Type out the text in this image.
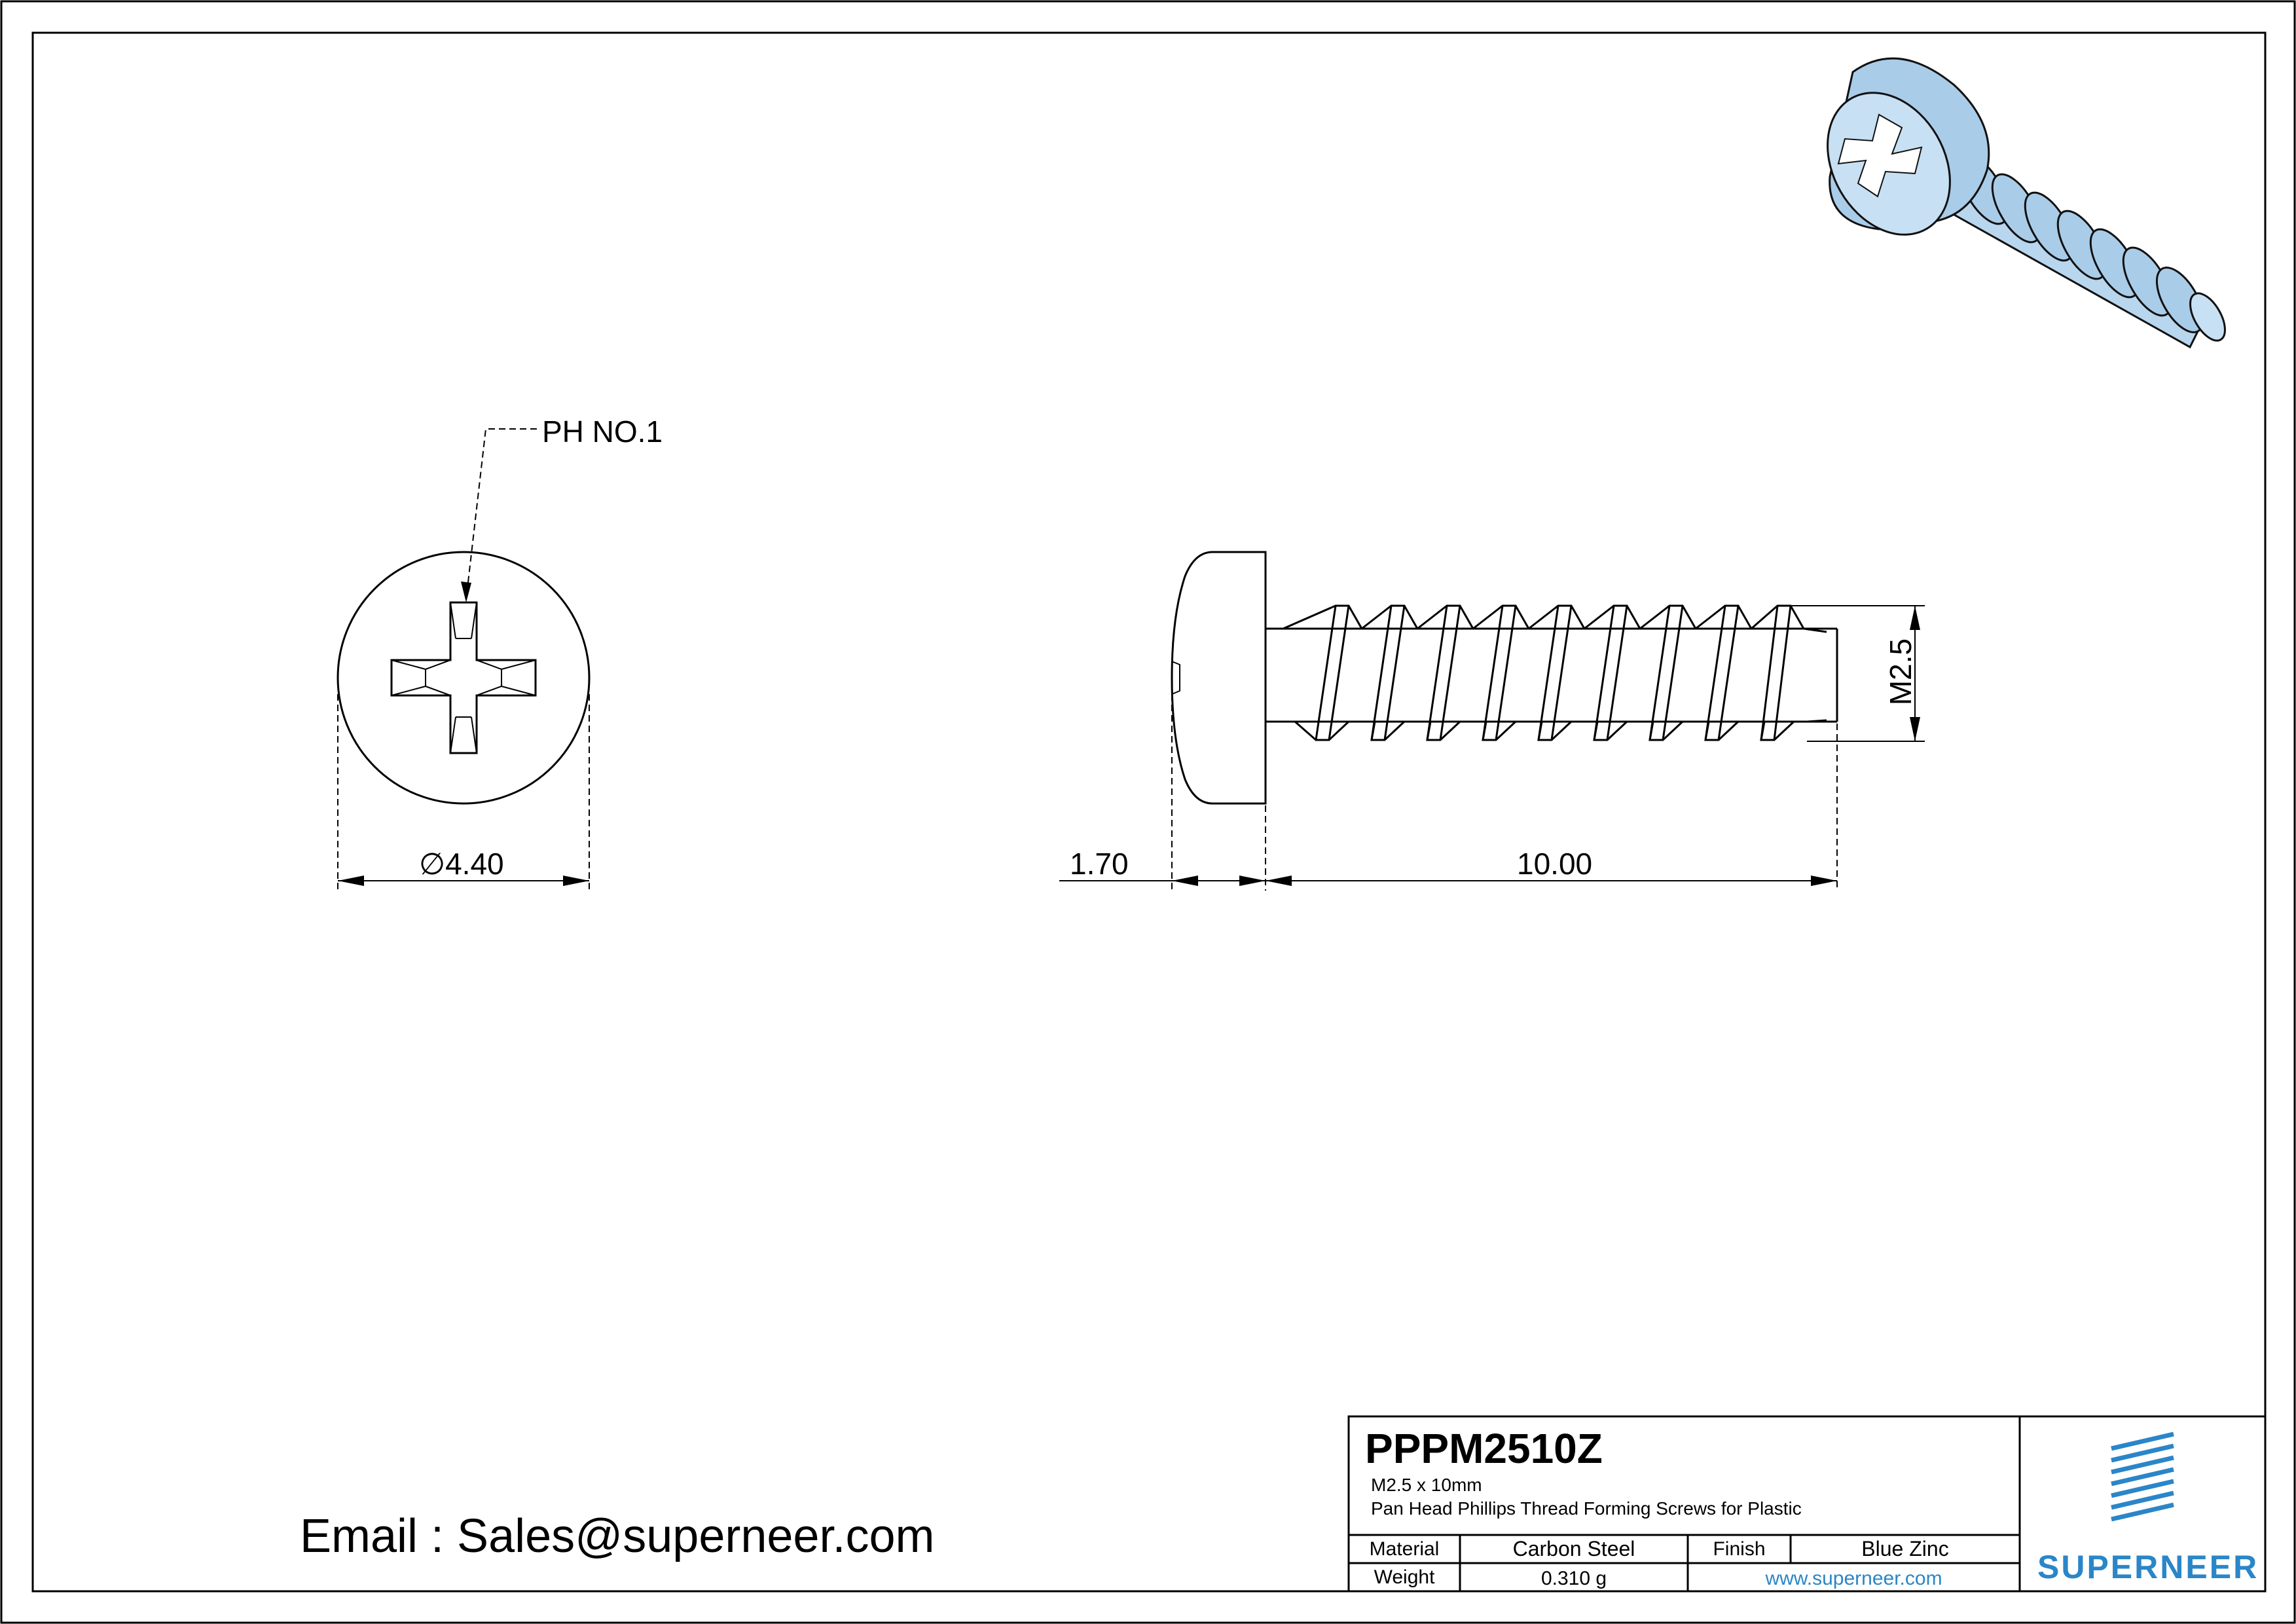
PH NO.1
∅4.40	1.70	10.00
M2.5
Email : Sales@superneer.com
PPPM2510Z
M2.5 x 10mm
Pan Head Phillips Thread Forming Screws for Plastic
Material	Carbon Steel	Finish	Blue Zinc
Weight	0.310 g	www.superneer.com	SUPERNEER
